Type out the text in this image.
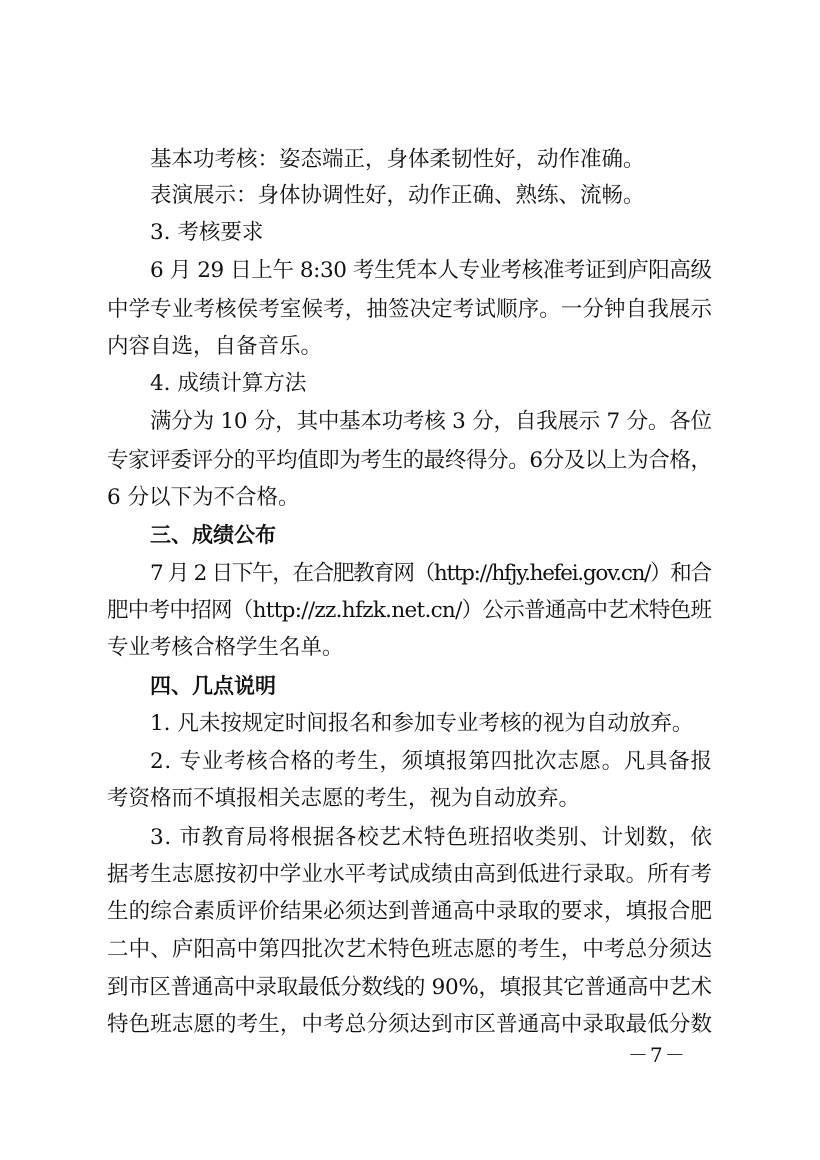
基本功考核：姿态端正，身体柔韧性好，动作准确。
表演展示：身体协调性好，动作正确、熟练、流畅。
3. 考核要求
6 月 29 日上午 8:30 考生凭本人专业考核准考证到庐阳高级
中学专业考核侯考室候考，抽签决定考试顺序。一分钟自我展示
内容自选，自备音乐。
4. 成绩计算方法
满分为 10 分，其中基本功考核 3 分，自我展示 7 分。各位
专家评委评分的平均值即为考生的最终得分。6分及以上为合格，
6 分以下为不合格。
三、成绩公布
7 月 2 日下午，在合肥教育网（http://hfjy.hefei.gov.cn/）和合
肥中考中招网（http://zz.hfzk.net.cn/）公示普通高中艺术特色班
专业考核合格学生名单。
四、几点说明
1. 凡未按规定时间报名和参加专业考核的视为自动放弃。
2. 专业考核合格的考生，须填报第四批次志愿。凡具备报
考资格而不填报相关志愿的考生，视为自动放弃。
3. 市教育局将根据各校艺术特色班招收类别、计划数，依
据考生志愿按初中学业水平考试成绩由高到低进行录取。所有考
生的综合素质评价结果必须达到普通高中录取的要求，填报合肥
二中、庐阳高中第四批次艺术特色班志愿的考生，中考总分须达
到市区普通高中录取最低分数线的 90%，填报其它普通高中艺术
特色班志愿的考生，中考总分须达到市区普通高中录取最低分数
－7－
